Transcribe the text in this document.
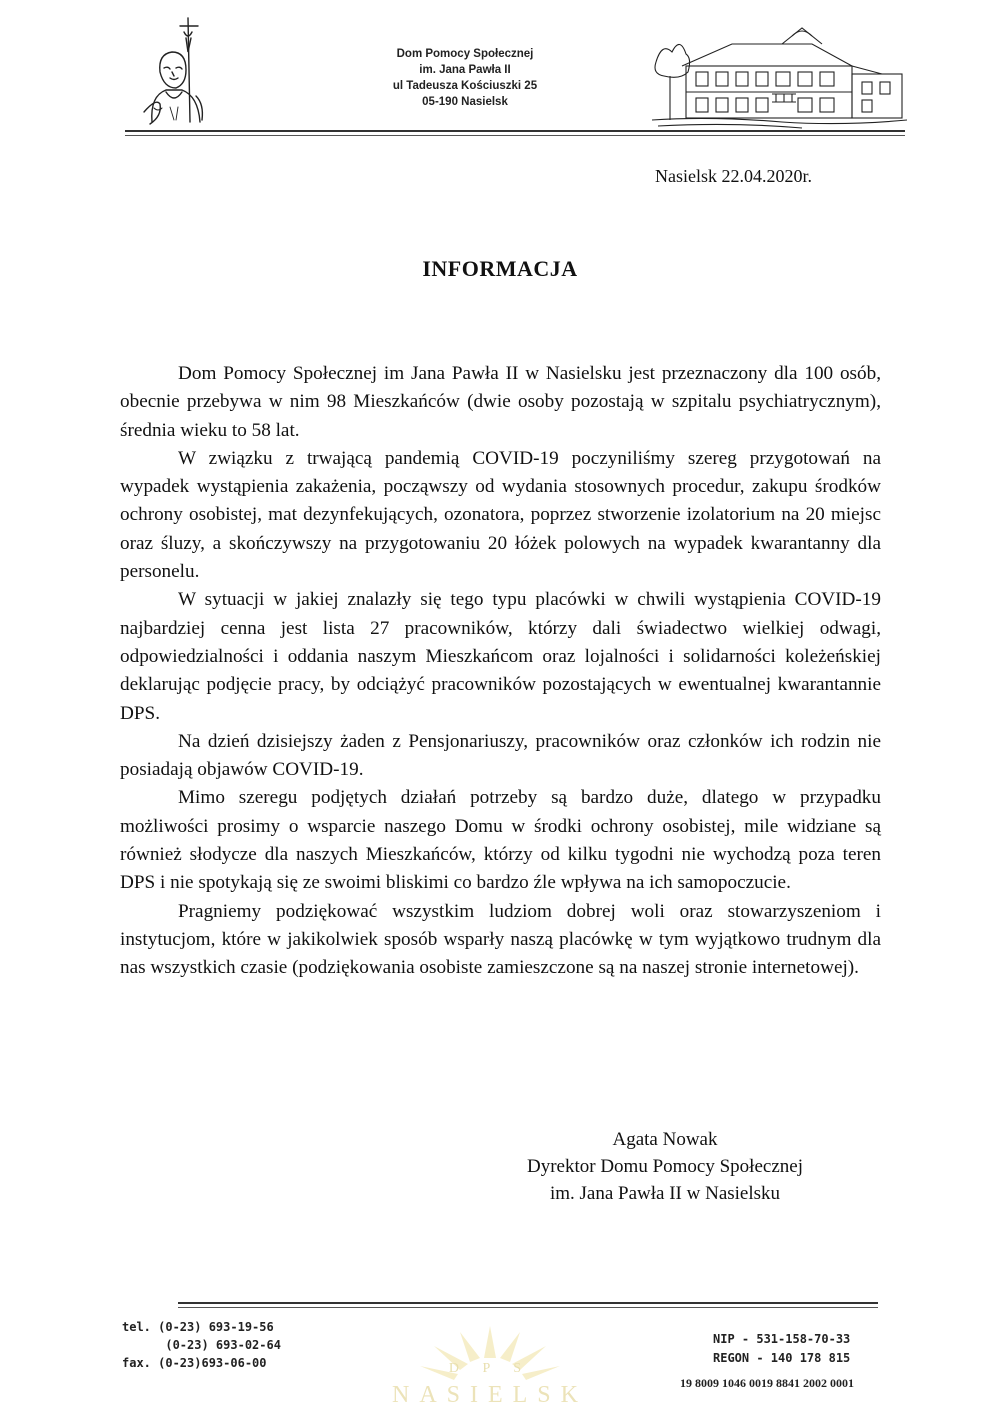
Dom Pomocy Społecznej
im. Jana Pawła II
ul Tadeusza Kościuszki 25
05-190 Nasielsk
Nasielsk 22.04.2020r.
INFORMACJA

Dom Pomocy Społecznej im Jana Pawła II w Nasielsku jest przeznaczony dla 100 osób, obecnie przebywa w nim 98 Mieszkańców (dwie osoby pozostają w szpitalu psychiatrycznym), średnia wieku to 58 lat.

W związku z trwającą pandemią COVID-19 poczyniliśmy szereg przygotowań na wypadek wystąpienia zakażenia, począwszy od wydania stosownych procedur, zakupu środków ochrony osobistej, mat dezynfekujących, ozonatora, poprzez stworzenie izolatorium na 20 miejsc oraz śluzy, a skończywszy na przygotowaniu 20 łóżek polowych na wypadek kwarantanny dla personelu.

W sytuacji w jakiej znalazły się tego typu placówki w chwili wystąpienia COVID-19 najbardziej cenna jest lista 27 pracowników, którzy dali świadectwo wielkiej odwagi, odpowiedzialności i oddania naszym Mieszkańcom oraz lojalności i solidarności koleżeńskiej deklarując podjęcie pracy, by odciążyć pracowników pozostających w ewentualnej kwarantannie DPS.

Na dzień dzisiejszy żaden z Pensjonariuszy, pracowników oraz członków ich rodzin nie posiadają objawów COVID-19.

Mimo szeregu podjętych działań potrzeby są bardzo duże, dlatego w przypadku możliwości prosimy o wsparcie naszego Domu w środki ochrony osobistej, mile widziane są również słodycze dla naszych Mieszkańców, którzy od kilku tygodni nie wychodzą poza teren DPS i nie spotykają się ze swoimi bliskimi co bardzo źle wpływa na ich samopoczucie.

Pragniemy podziękować wszystkim ludziom dobrej woli oraz stowarzyszeniom i instytucjom, które w jakikolwiek sposób wsparły naszą placówkę w tym wyjątkowo trudnym dla nas wszystkich czasie (podziękowania osobiste zamieszczone są na naszej stronie internetowej).

Agata Nowak
Dyrektor Domu Pomocy Społecznej
im. Jana Pawła II w Nasielsku
tel. (0-23) 693-19-56
(0-23) 693-02-64
fax. (0-23)693-06-00	D P S
NASIELSK
NIP - 531-158-70-33
REGON - 140 178 815
19 8009 1046 0019 8841 2002 0001
